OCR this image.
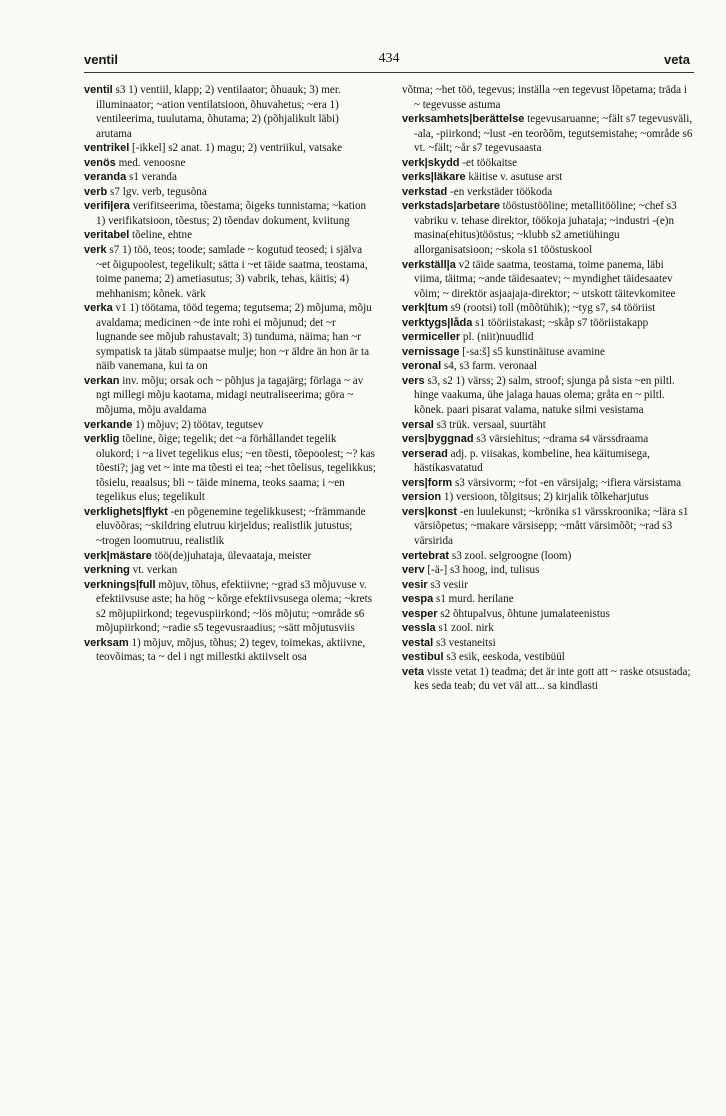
ventil	434	veta
ventil s3 1) ventiil, klapp; 2) ventilaator; õhuauk; 3) mer. illuminaator; ~ation ventilatsioon, õhuvahetus; ~era 1) ventileerima, tuulutama, õhutama; 2) (põhjalikult läbi) arutama
ventrikel [-ikkel] s2 anat. 1) magu; 2) ventriikul, vatsake
venös med. venoosne
veranda s1 veranda
verb s7 lgv. verb, tegusõna
verifi|era verifitseerima, tõestama; õigeks tunnistama; ~kation 1) verifikatsioon, tõestus; 2) tõendav dokument, kviitung
veritabel tõeline, ehtne
verk s7 1) töö, teos; toode; samlade ~ kogutud teosed; i själva ~et õigupoolest, tegelikult; sätta i ~et täide saatma, teostama, toime panema; 2) ametiasutus; 3) vabrik, tehas, käitis; 4) mehhanism; kõnek. värk
verka v1 1) töötama, tööd tegema; tegutsema; 2) mõjuma, mõju avaldama; medicinen ~de inte rohi ei mõjunud; det ~r lugnande see mõjub rahustavalt; 3) tunduma, näima; han ~r sympatisk ta jätab sümpaatse mulje; hon ~r äldre än hon är ta näib vanemana, kui ta on
verkan inv. mõju; orsak och ~ põhjus ja tagajärg; förlaga ~ av ngt millegi mõju kaotama, midagi neutraliseerima; göra ~ mõjuma, mõju avaldama
verkande 1) mõjuv; 2) töötav, tegutsev
verklig tõeline, õige; tegelik; det ~a förhållandet tegelik olukord; i ~a livet tegelikus elus; ~en tõesti, tõepoolest; ~? kas tõesti?; jag vet ~ inte ma tõesti ei tea; ~het tõelisus, tegelikkus; tõsielu, reaalsus; bli ~ täide minema, teoks saama; i ~en tegelikus elus; tegelikult
verklighets|flykt -en põgenemine tegelikkusest; ~främmande eluvõõras; ~skildring elutruu kirjeldus; realistlik jutustus; ~trogen loomutruu, realistlik
verk|mästare töö(de)juhataja, ülevaataja, meister
verkning vt. verkan
verknings|full mõjuv, tõhus, efektiivne; ~grad s3 mõjuvuse v. efektiivsuse aste; ha hög ~ kõrge efektiivsusega olema; ~krets s2 mõjupiirkond; tegevuspiirkond; ~lös mõjutu; ~område s6 mõjupiirkond; ~radie s5 tegevusraadius; ~sätt mõjutusviis
verksam 1) mõjuv, mõjus, tõhus; 2) tegev, toimekas, aktiivne, teovõimas; ta ~ del i ngt millestki aktiivselt osa
võtma; ~het töö, tegevus; inställa ~en tegevust lõpetama; träda i ~ tegevusse astuma
verksamhets|berättelse tegevusaruanne; ~fält s7 tegevusväli, -ala, -piirkond; ~lust -en teorõõm, tegutsemistahe; ~område s6 vt. ~fält; ~år s7 tegevusaasta
verk|skydd -et töökaitse
verks|läkare käitise v. asutuse arst
verkstad -en verkstäder töökoda
verkstads|arbetare tööstustööline; metallitööline; ~chef s3 vabriku v. tehase direktor, töökoja juhataja; ~industri -(e)n masina(ehitus)tööstus; ~klubb s2 ametiühingu allorganisatsioon; ~skola s1 tööstuskool
verkställ|a v2 täide saatma, teostama, toime panema, läbi viima, täitma; ~ande täidesaatev; ~ myndighet täidesaatev võim; ~ direktör asjaajaja-direktor; ~ utskott täitevkomitee
verk|tum s9 (rootsi) toll (mõõtühik); ~tyg s7, s4 tööriist
verktygs|låda s1 tööriistakast; ~skåp s7 tööriistakapp
vermiceller pl. (niit)nuudlid
vernissage [-sa:š] s5 kunstinäituse avamine
veronal s4, s3 farm. veronaal
vers s3, s2 1) värss; 2) salm, stroof; sjunga på sista ~en piltl. hinge vaakuma, ühe jalaga hauas olema; gråta en ~ piltl. kõnek. paari pisarat valama, natuke silmi vesistama
versal s3 trük. versaal, suurtäht
vers|byggnad s3 värsiehitus; ~drama s4 värssdraama
verserad adj. p. viisakas, kombeline, hea käitumisega, hästikasvatatud
vers|form s3 värsivorm; ~fot -en värsijalg; ~ifiera värsistama
version 1) versioon, tõlgitsus; 2) kirjalik tõlkeharjutus
vers|konst -en luulekunst; ~krönika s1 värsskroonika; ~lära s1 värsiõpetus; ~makare värsisepp; ~mått värsimõõt; ~rad s3 värsirida
vertebrat s3 zool. selgroogne (loom)
verv [-ä-] s3 hoog, ind, tulisus
vesir s3 vesiir
vespa s1 murd. herilane
vesper s2 õhtupalvus, õhtune jumalateenistus
vessla s1 zool. nirk
vestal s3 vestaneitsi
vestibul s3 esik, eeskoda, vestibüül
veta visste vetat 1) teadma; det är inte gott att ~ raske otsustada; kes seda teab; du vet väl att... sa kindlasti
